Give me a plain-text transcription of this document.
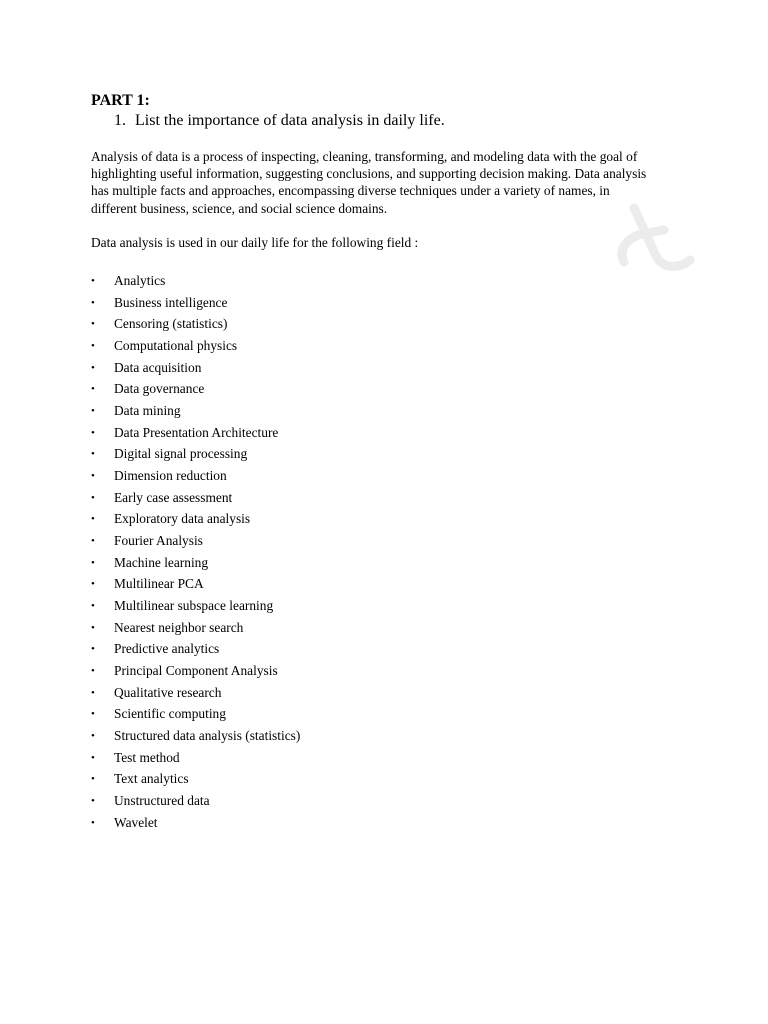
PART 1:
1. List the importance of data analysis in daily life.
Analysis of data is a process of inspecting, cleaning, transforming, and modeling data with the goal of
highlighting useful information, suggesting conclusions, and supporting decision making. Data analysis
has multiple facts and approaches, encompassing diverse techniques under a variety of names, in
different business, science, and social science domains.
Data analysis is used in our daily life for the following field :
•	Analytics
•	Business intelligence
•	Censoring (statistics)
•	Computational physics
•	Data acquisition
•	Data governance
•	Data mining
•	Data Presentation Architecture
•	Digital signal processing
•	Dimension reduction
•	Early case assessment
•	Exploratory data analysis
•	Fourier Analysis
•	Machine learning
•	Multilinear PCA
•	Multilinear subspace learning
•	Nearest neighbor search
•	Predictive analytics
•	Principal Component Analysis
•	Qualitative research
•	Scientific computing
•	Structured data analysis (statistics)
•	Test method
•	Text analytics
•	Unstructured data
•	Wavelet
